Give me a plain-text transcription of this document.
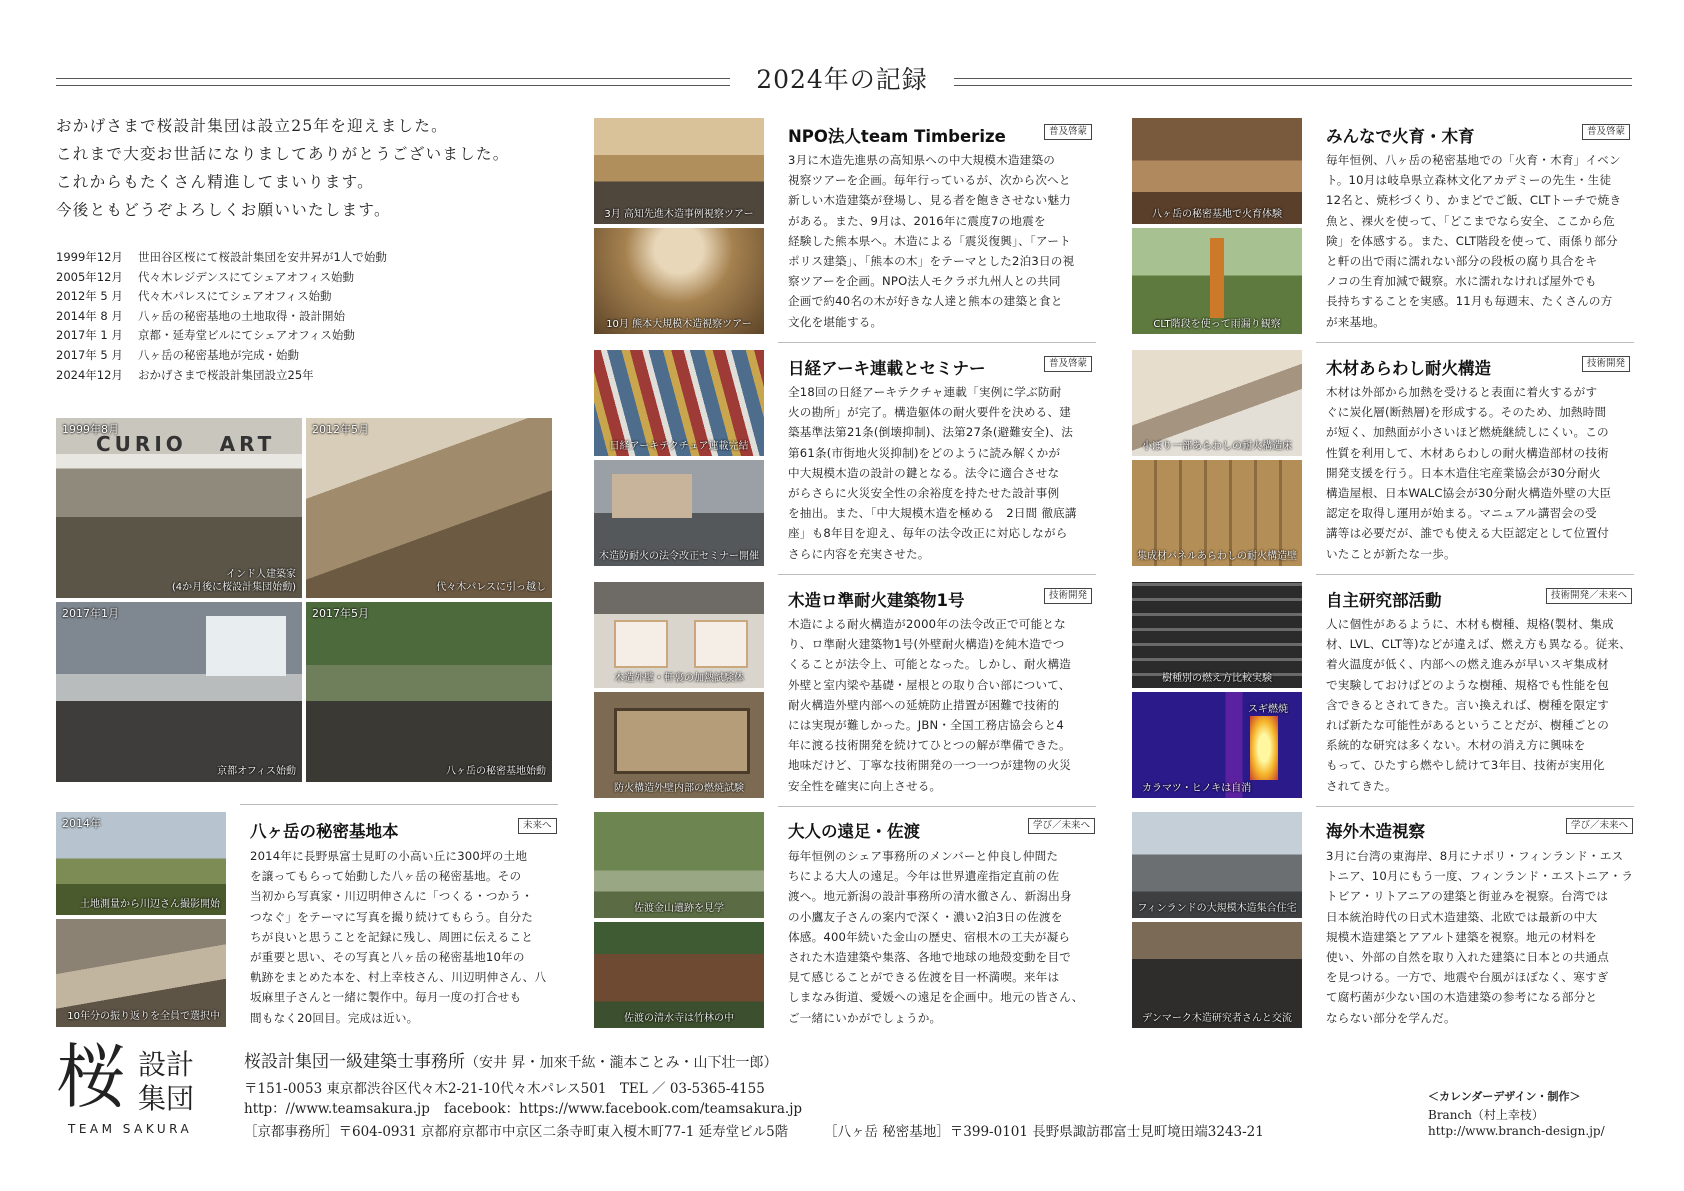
2024年の記録
おかげさまで桜設計集団は設立25年を迎えました。
これまで大変お世話になりましてありがとうございました。
これからもたくさん精進してまいります。
今後ともどうぞよろしくお願いいたします。
1999年12月 世田谷区桜にて桜設計集団を安井昇が1人で始動
2005年12月 代々木レジデンスにてシェアオフィス始動
2012年 5 月 代々木パレスにてシェアオフィス始動
2014年 8 月 八ヶ岳の秘密基地の土地取得・設計開始
2017年 1 月 京都・延寿堂ビルにてシェアオフィス始動
2017年 5 月 八ヶ岳の秘密基地が完成・始動
2024年12月 おかげさまで桜設計集団設立25年
CURIO   ART
1999年8月
インド人建築家
(4か月後に桜設計集団始動)
2012年5月
代々木パレスに引っ越し
2017年1月
京都オフィス始動
2017年5月
八ヶ岳の秘密基地始動
2014年
土地測量から川辺さん撮影開始
10年分の振り返りを全員で選択中
八ヶ岳の秘密基地本	未来へ
2014年に長野県富士見町の小高い丘に300坪の土地
を譲ってもらって始動した八ヶ岳の秘密基地。その
当初から写真家・川辺明伸さんに「つくる・つかう・
つなぐ」をテーマに写真を撮り続けてもらう。自分た
ちが良いと思うことを記録に残し、周囲に伝えること
が重要と思い、その写真と八ヶ岳の秘密基地10年の
軌跡をまとめた本を、村上幸枝さん、川辺明伸さん、八
坂麻里子さんと一緒に製作中。毎月一度の打合せも
間もなく20回目。完成は近い。
3月 高知先進木造事例視察ツアー
10月 熊本大規模木造視察ツアー
NPO法人team Timberize	普及啓蒙
3月に木造先進県の高知県への中大規模木造建築の
視察ツアーを企画。毎年行っているが、次から次へと
新しい木造建築が登場し、見る者を飽きさせない魅力
がある。また、9月は、2016年に震度7の地震を
経験した熊本県へ。木造による「震災復興」、「アート
ポリス建築」、「熊本の木」をテーマとした2泊3日の視
察ツアーを企画。NPO法人モクラボ九州人との共同
企画で約40名の木が好きな人達と熊本の建築と食と
文化を堪能する。
日経アーキテクチュア連載完結
木造防耐火の法令改正セミナー開催
日経アーキ連載とセミナー	普及啓蒙
全18回の日経アーキテクチャ連載「実例に学ぶ防耐
火の勘所」が完了。構造躯体の耐火要件を決める、建
築基準法第21条(倒壊抑制)、法第27条(避難安全)、法
第61条(市街地火災抑制)をどのように読み解くかが
中大規模木造の設計の鍵となる。法令に適合させな
がらさらに火災安全性の余裕度を持たせた設計事例
を抽出。また、「中大規模木造を極める　2日間 徹底講
座」も8年目を迎え、毎年の法令改正に対応しながら
さらに内容を充実させた。
木造外壁・軒裏の加熱試験体
防火構造外壁内部の燃焼試験
木造ロ準耐火建築物1号	技術開発
木造による耐火構造が2000年の法令改正で可能とな
り、ロ準耐火建築物1号(外壁耐火構造)を純木造でつ
くることが法令上、可能となった。しかし、耐火構造
外壁と室内梁や基礎・屋根との取り合い部について、
耐火構造外壁内部への延焼防止措置が困難で技術的
には実現が難しかった。JBN・全国工務店協会らと4
年に渡る技術開発を続けてひとつの解が準備できた。
地味だけど、丁寧な技術開発の一つ一つが建物の火災
安全性を確実に向上させる。
佐渡金山遺跡を見学
佐渡の清水寺は竹林の中
大人の遠足・佐渡	学び／未来へ
毎年恒例のシェア事務所のメンバーと仲良し仲間た
ちによる大人の遠足。今年は世界遺産指定直前の佐
渡へ。地元新潟の設計事務所の清水徹さん、新潟出身
の小鷹友子さんの案内で深く・濃い2泊3日の佐渡を
体感。400年続いた金山の歴史、宿根木の工夫が凝ら
された木造建築や集落、各地で地球の地殻変動を目で
見て感じることができる佐渡を目一杯満喫。来年は
しまなみ街道、愛媛への遠足を企画中。地元の皆さん、
ご一緒にいかがでしょうか。
八ヶ岳の秘密基地で火育体験
CLT階段を使って雨漏り観察
みんなで火育・木育	普及啓蒙
毎年恒例、八ヶ岳の秘密基地での「火育・木育」イベン
ト。10月は岐阜県立森林文化アカデミーの先生・生徒
12名と、焼杉づくり、かまどでご飯、CLTトーチで焼き
魚と、裸火を使って、「どこまでなら安全、ここから危
険」を体感する。また、CLT階段を使って、雨係り部分
と軒の出で雨に濡れない部分の段板の腐り具合をキ
ノコの生育加減で観察。水に濡れなければ屋外でも
長持ちすることを実感。11月も毎週末、たくさんの方
が来基地。
小ぼり一部あらわしの耐火構造床
集成材パネルあらわしの耐火構造壁
木材あらわし耐火構造	技術開発
木材は外部から加熱を受けると表面に着火するがす
ぐに炭化層(断熱層)を形成する。そのため、加熱時間
が短く、加熱面が小さいほど燃焼継続しにくい。この
性質を利用して、木材あらわしの耐火構造部材の技術
開発支援を行う。日本木造住宅産業協会が30分耐火
構造屋根、日本WALC協会が30分耐火構造外壁の大臣
認定を取得し運用が始まる。マニュアル講習会の受
講等は必要だが、誰でも使える大臣認定として位置付
いたことが新たな一歩。
樹種別の燃え方比較実験
スギ燃焼
カラマツ・ヒノキは自消
自主研究部活動	技術開発／未来へ
人に個性があるように、木材も樹種、規格(製材、集成
材、LVL、CLT等)などが違えば、燃え方も異なる。従来、
着火温度が低く、内部への燃え進みが早いスギ集成材
で実験しておけばどのような樹種、規格でも性能を包
含できるとされてきた。言い換えれば、樹種を限定す
れば新たな可能性があるということだが、樹種ごとの
系統的な研究は多くない。木材の消え方に興味を
もって、ひたすら燃やし続けて3年目、技術が実用化
されてきた。
フィンランドの大規模木造集合住宅
デンマーク木造研究者さんと交流
海外木造視察	学び／未来へ
3月に台湾の東海岸、8月にナポリ・フィンランド・エス
トニア、10月にもう一度、フィンランド・エストニア・ラ
トビア・リトアニアの建築と街並みを視察。台湾では
日本統治時代の日式木造建築、北欧では最新の中大
規模木造建築とアアルト建築を視察。地元の材料を
使い、外部の自然を取り入れた建築に日本との共通点
を見つける。一方で、地震や台風がほぼなく、寒すぎ
て腐朽菌が少ない国の木造建築の参考になる部分と
ならない部分を学んだ。
桜 設計
集団
TEAM SAKURA
桜設計集団一級建築士事務所（安井 昇・加來千紘・瀧本ことみ・山下壮一郎）
〒151-0053 東京都渋谷区代々木2-21-10代々木パレス501　TEL ／ 03-5365-4155
http：//www.teamsakura.jp facebook：https://www.facebook.com/teamsakura.jp
［京都事務所］〒604-0931 京都府京都市中京区二条寺町東入榎木町77-1 延寿堂ビル5階	［八ヶ岳 秘密基地］〒399-0101 長野県諏訪郡富士見町境田端3243-21
＜カレンダーデザイン・制作＞
Branch（村上幸枝）
http://www.branch-design.jp/
